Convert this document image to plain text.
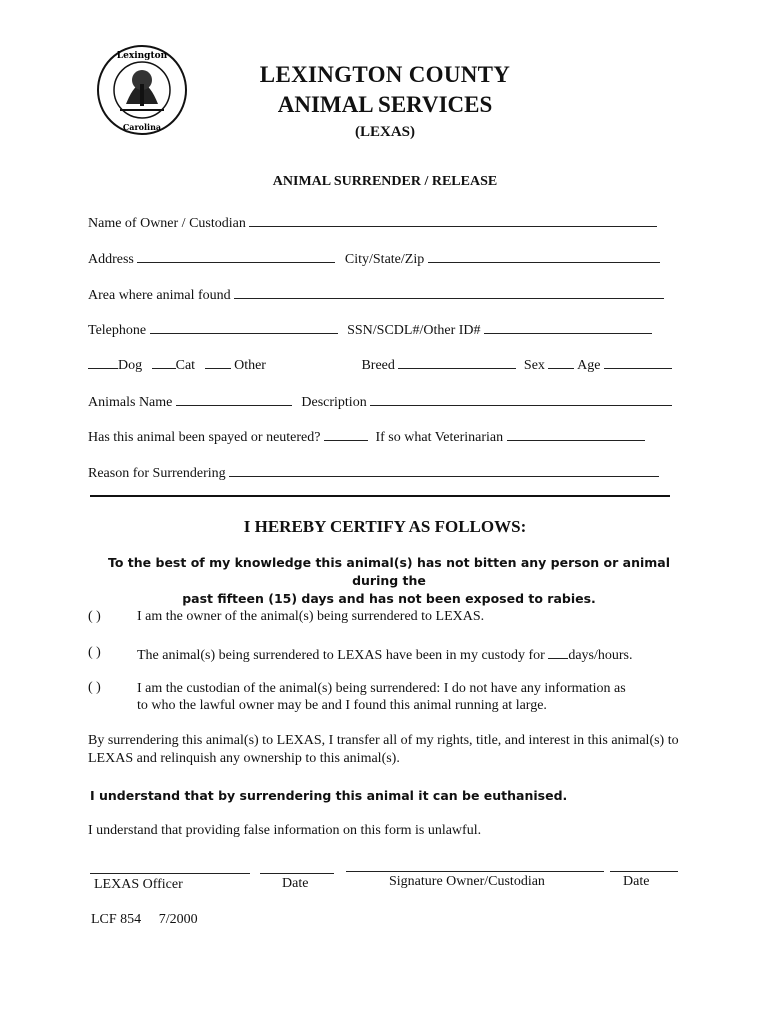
Lexington
Carolina
LEXINGTON COUNTY
ANIMAL SERVICES
(LEXAS)
ANIMAL SURRENDER / RELEASE
Name of Owner / Custodian
Address	City/State/Zip
Area where animal found
Telephone	SSN/SCDL#/Other ID#
Dog Cat	Other	Breed	Sex Age
Animals Name	Description
Has this animal been spayed or neutered?	If so what Veterinarian
Reason for Surrendering
I HEREBY CERTIFY AS FOLLOWS:
To the best of my knowledge this animal(s) has not bitten any person or animal during the
past fifteen (15) days and has not been exposed to rabies.
( )	I am the owner of the animal(s) being surrendered to LEXAS.
( )	The animal(s) being surrendered to LEXAS have been in my custody for days/hours.
( )	I am the custodian of the animal(s) being surrendered: I do not have any information as
to who the lawful owner may be and I found this animal running at large.
By surrendering this animal(s) to LEXAS, I transfer all of my rights, title, and interest in this animal(s) to LEXAS and relinquish any ownership to this animal(s).
I understand that by surrendering this animal it can be euthanised.
I understand that providing false information on this form is unlawful.
LEXAS Officer	Date	Signature Owner/Custodian	Date
LCF 854 7/2000
